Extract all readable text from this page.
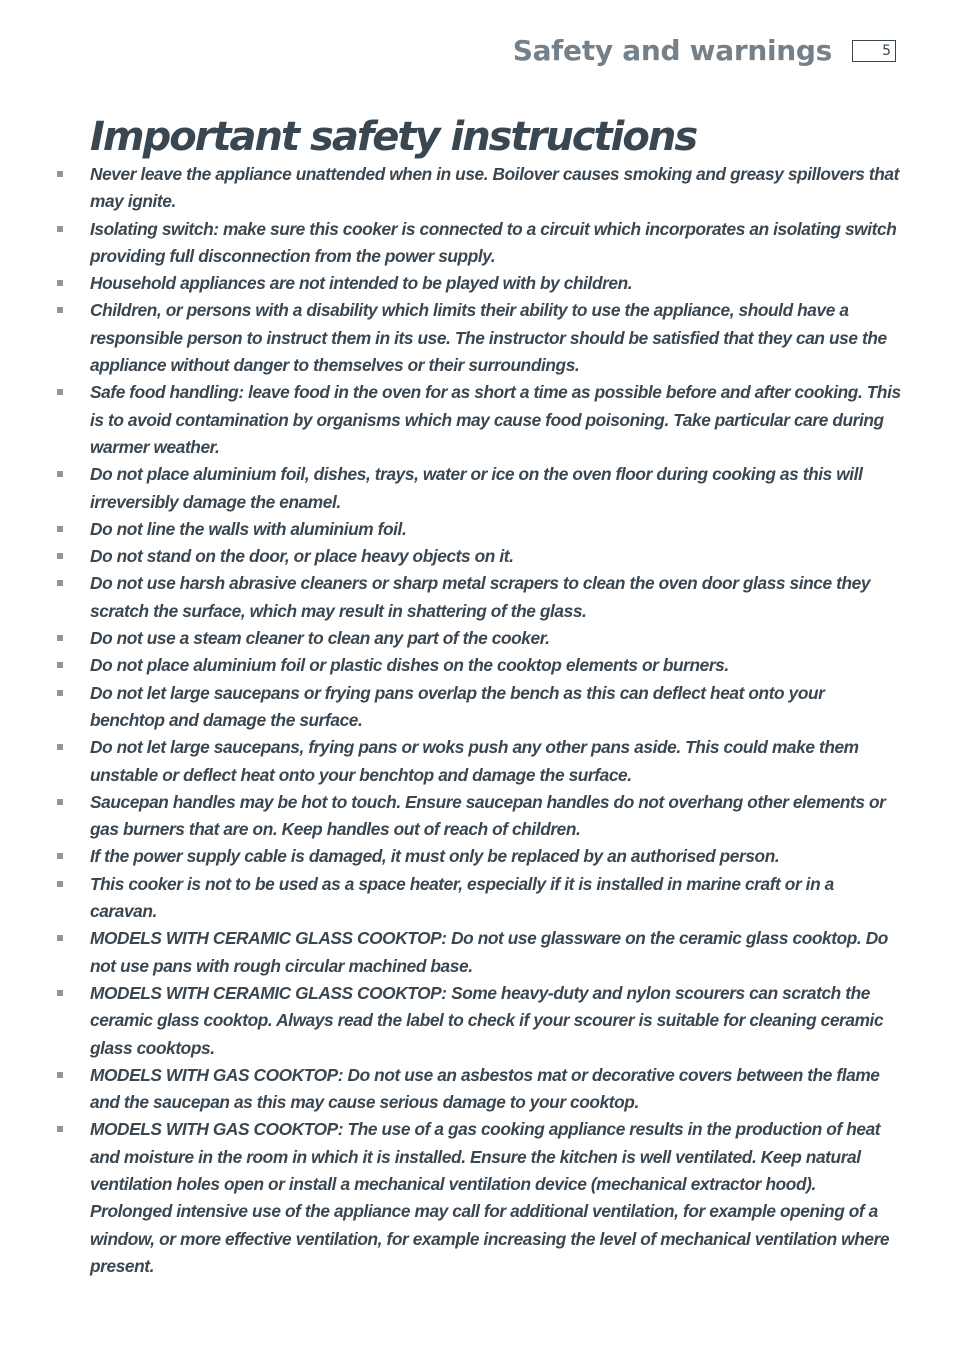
Safety and warnings	5
Important safety instructions
Never leave the appliance unattended when in use. Boilover causes smoking and greasy spillovers that may ignite.
Isolating switch: make sure this cooker is connected to a circuit which incorporates an isolating switch providing full disconnection from the power supply.
Household appliances are not intended to be played with by children.
Children, or persons with a disability which limits their ability to use the appliance, should have a responsible person to instruct them in its use. The instructor should be satisfied that they can use the appliance without danger to themselves or their surroundings.
Safe food handling: leave food in the oven for as short a time as possible before and after cooking. This is to avoid contamination by organisms which may cause food poisoning. Take particular care during warmer weather.
Do not place aluminium foil, dishes, trays, water or ice on the oven floor during cooking as this will irreversibly damage the enamel.
Do not line the walls with aluminium foil.
Do not stand on the door, or place heavy objects on it.
Do not use harsh abrasive cleaners or sharp metal scrapers to clean the oven door glass since they scratch the surface, which may result in shattering of the glass.
Do not use a steam cleaner to clean any part of the cooker.
Do not place aluminium foil or plastic dishes on the cooktop elements or burners.
Do not let large saucepans or frying pans overlap the bench as this can deflect heat onto your benchtop and damage the surface.
Do not let large saucepans, frying pans or woks push any other pans aside. This could make them unstable or deflect heat onto your benchtop and damage the surface.
Saucepan handles may be hot to touch. Ensure saucepan handles do not overhang other elements or gas burners that are on. Keep handles out of reach of children.
If the power supply cable is damaged, it must only be replaced by an authorised person.
This cooker is not to be used as a space heater, especially if it is installed in marine craft or in a caravan.
MODELS WITH CERAMIC GLASS COOKTOP: Do not use glassware on the ceramic glass cooktop. Do not use pans with rough circular machined base.
MODELS WITH CERAMIC GLASS COOKTOP: Some heavy-duty and nylon scourers can scratch the ceramic glass cooktop. Always read the label to check if your scourer is suitable for cleaning ceramic glass cooktops.
MODELS WITH GAS COOKTOP: Do not use an asbestos mat or decorative covers between the flame and the saucepan as this may cause serious damage to your cooktop.
MODELS WITH GAS COOKTOP: The use of a gas cooking appliance results in the production of heat and moisture in the room in which it is installed. Ensure the kitchen is well ventilated. Keep natural ventilation holes open or install a mechanical ventilation device (mechanical extractor hood).
Prolonged intensive use of the appliance may call for additional ventilation, for example opening of a window, or more effective ventilation, for example increasing the level of mechanical ventilation where present.
